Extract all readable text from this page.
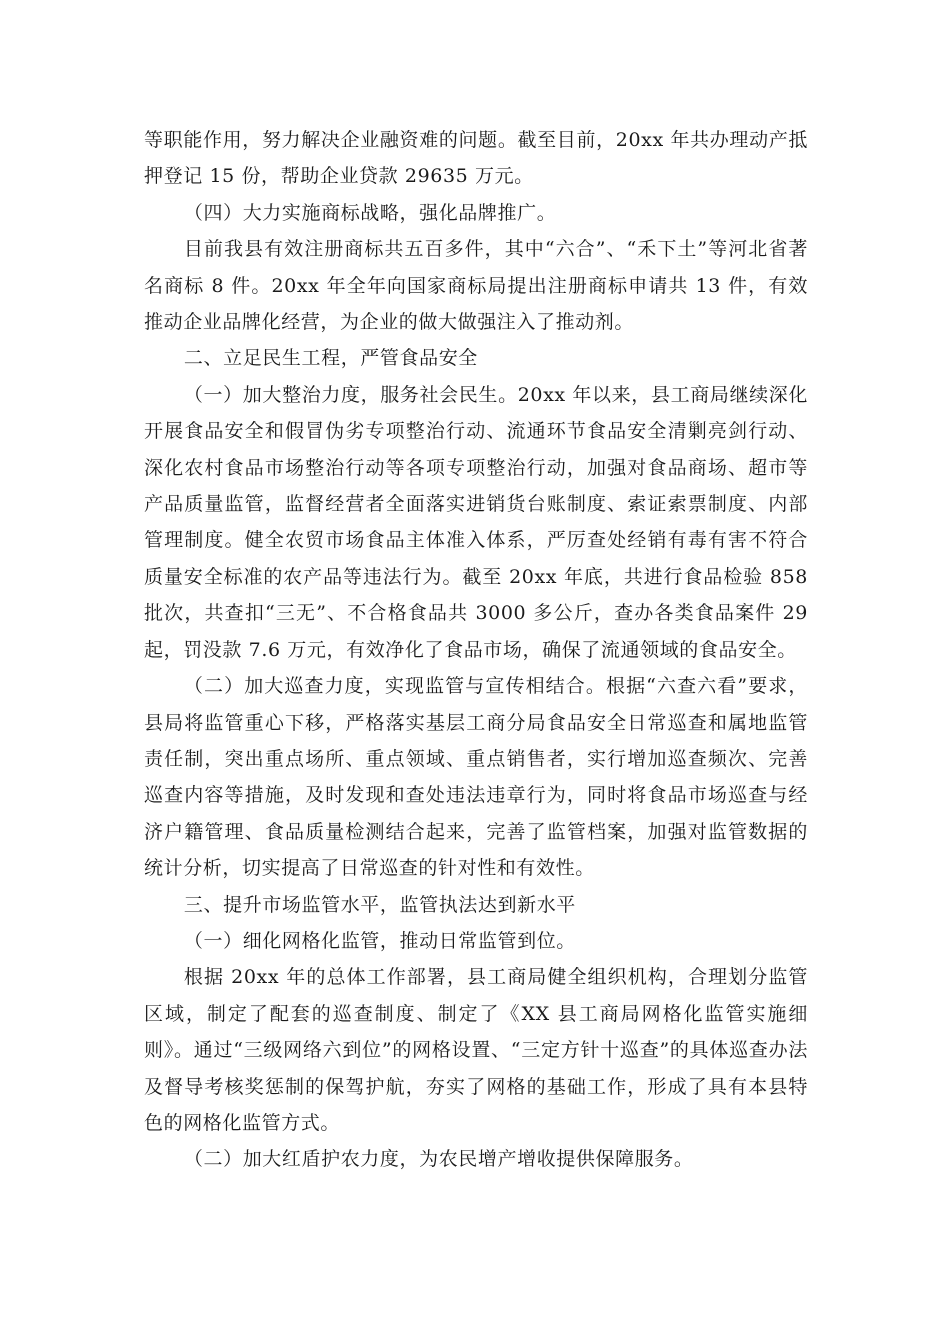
等职能作用，努力解决企业融资难的问题。截至目前，20xx 年共办理动产抵押登记 15 份，帮助企业贷款 29635 万元。

（四）大力实施商标战略，强化品牌推广。

目前我县有效注册商标共五百多件，其中“六合”、“禾下土”等河北省著名商标 8 件。20xx 年全年向国家商标局提出注册商标申请共 13 件，有效推动企业品牌化经营，为企业的做大做强注入了推动剂。

二、立足民生工程，严管食品安全

（一）加大整治力度，服务社会民生。20xx 年以来，县工商局继续深化开展食品安全和假冒伪劣专项整治行动、流通环节食品安全清剿亮剑行动、深化农村食品市场整治行动等各项专项整治行动，加强对食品商场、超市等产品质量监管，监督经营者全面落实进销货台账制度、索证索票制度、内部管理制度。健全农贸市场食品主体准入体系，严厉查处经销有毒有害不符合质量安全标准的农产品等违法行为。截至 20xx 年底，共进行食品检验 858 批次，共查扣“三无”、不合格食品共 3000 多公斤，查办各类食品案件 29 起，罚没款 7.6 万元，有效净化了食品市场，确保了流通领域的食品安全。

（二）加大巡查力度，实现监管与宣传相结合。根据“六查六看”要求，县局将监管重心下移，严格落实基层工商分局食品安全日常巡查和属地监管责任制，突出重点场所、重点领域、重点销售者，实行增加巡查频次、完善巡查内容等措施，及时发现和查处违法违章行为，同时将食品市场巡查与经济户籍管理、食品质量检测结合起来，完善了监管档案，加强对监管数据的统计分析，切实提高了日常巡查的针对性和有效性。

三、提升市场监管水平，监管执法达到新水平

（一）细化网格化监管，推动日常监管到位。

根据 20xx 年的总体工作部署，县工商局健全组织机构，合理划分监管区域，制定了配套的巡查制度、制定了《XX 县工商局网格化监管实施细则》。通过“三级网络六到位”的网格设置、“三定方针十巡查”的具体巡查办法及督导考核奖惩制的保驾护航，夯实了网格的基础工作，形成了具有本县特色的网格化监管方式。

（二）加大红盾护农力度，为农民增产增收提供保障服务。
